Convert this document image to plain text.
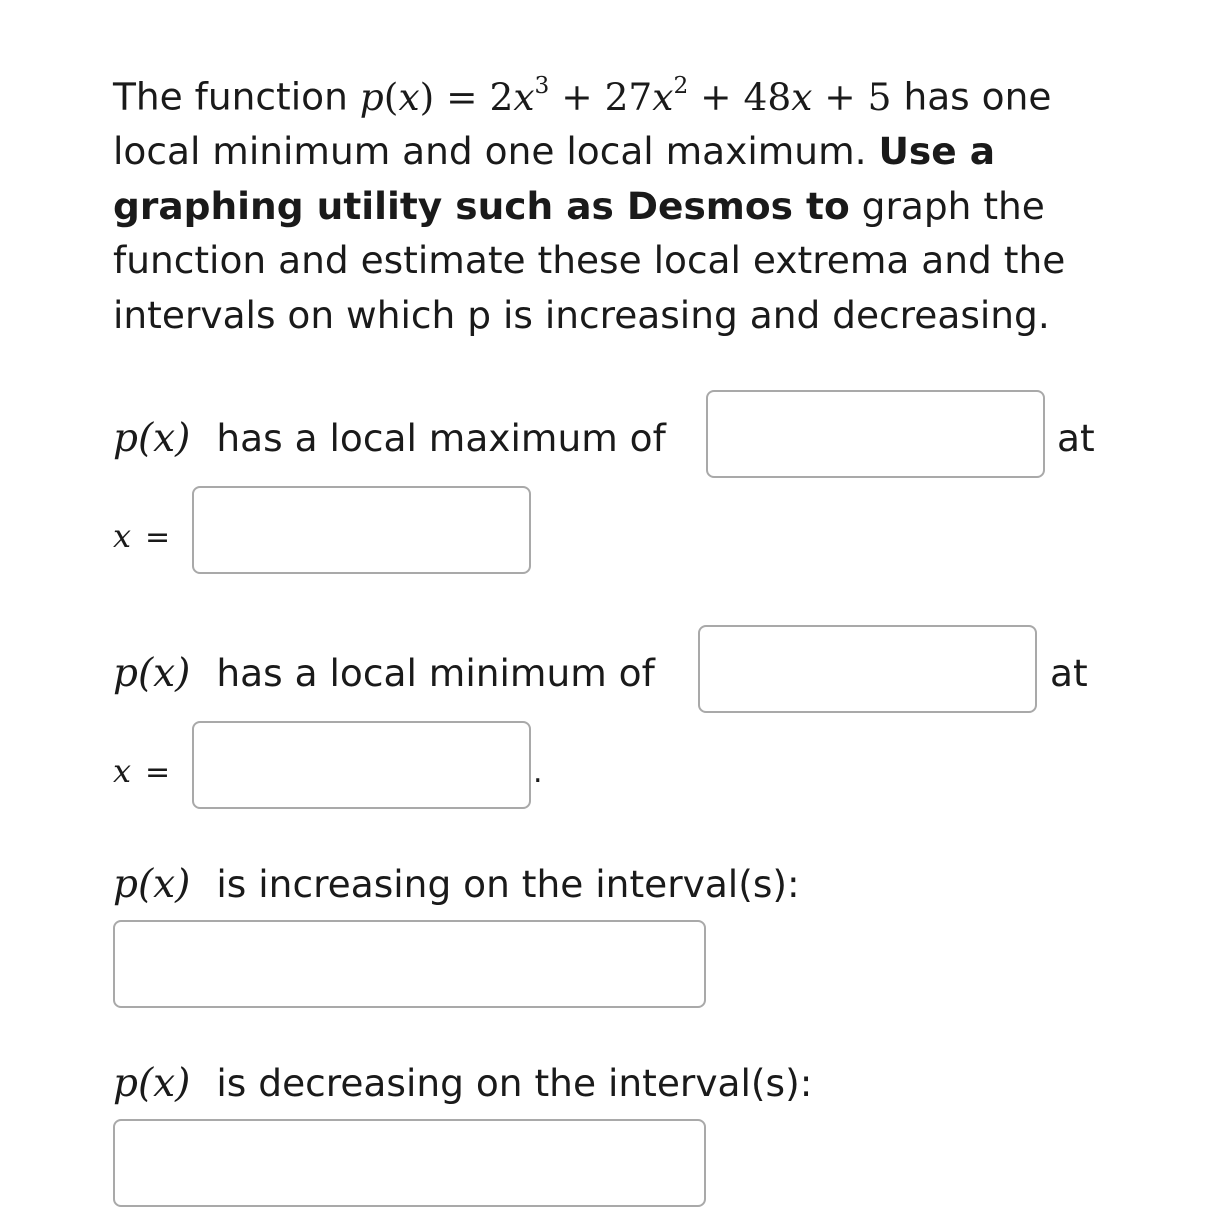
The function $p(x) = 2x^3 + 27x^2 + 48x + 5$ has one local minimum and one local maximum. Use a graphing utility such as Desmos to graph the function and estimate these local extrema and the intervals on which p is increasing and decreasing.
p(x) has a local maximum of	at
x =
p(x) has a local minimum of	at
x =	.
p(x) is increasing on the interval(s):
p(x) is decreasing on the interval(s):
